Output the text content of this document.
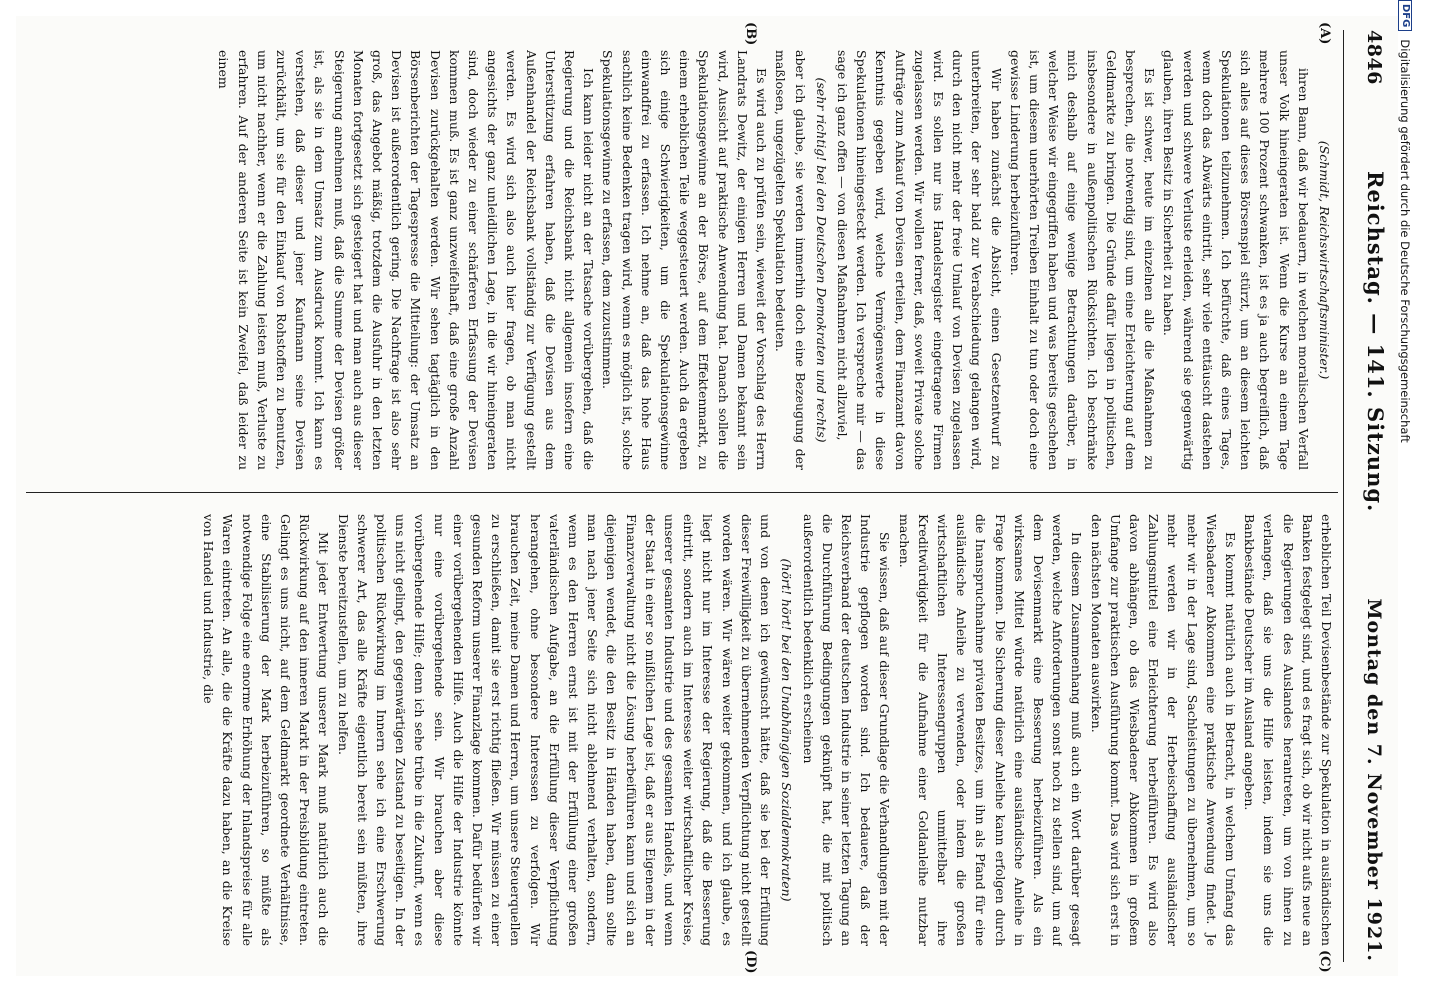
4846
Reichstag. — 141. Sitzung.
Montag den 7. November 1921.
(A)
(B)
(C)
(D)

(Schmidt, Reichswirtschaftsminister.)

ihren Bann, daß wir bedauern, in welchen moralischen Verfall unser Volk hineingeraten ist. Wenn die Kurse an einem Tage mehrere 100 Prozent schwanken, ist es ja auch begreiflich, daß sich alles auf dieses Börsenspiel stürzt, um an diesem leichten Spekulationen teilzunehmen. Ich befürchte, daß eines Tages, wenn doch das Abwärts eintritt, sehr viele enttäuscht dastehen werden und schwere Verluste erleiden, während sie gegenwärtig glauben, ihren Besitz in Sicherheit zu haben.

Es ist schwer, heute im einzelnen alle die Maßnahmen zu besprechen, die notwendig sind, um eine Erleichterung auf dem Geldmarkte zu bringen. Die Gründe dafür liegen in politischen, insbesondere in außenpolitischen Rücksichten. Ich beschränke mich deshalb auf einige wenige Betrachtungen darüber, in welcher Weise wir eingegriffen haben und was bereits geschehen ist, um diesem unerhörten Treiben Einhalt zu tun oder doch eine gewisse Linderung herbeizuführen.

Wir haben zunächst die Absicht, einen Gesetzentwurf zu unterbreiten, der sehr bald zur Verabschiedung gelangen wird, durch den nicht mehr der freie Umlauf von Devisen zugelassen wird. Es sollen nur ins Handelsregister eingetragene Firmen zugelassen werden. Wir wollen ferner, daß, soweit Private solche Aufträge zum Ankauf von Devisen erteilen, dem Finanzamt davon Kenntnis gegeben wird, welche Vermögenswerte in diese Spekulationen hineingesteckt werden. Ich verspreche mir — das sage ich ganz offen — von diesen Maßnahmen nicht allzuviel,

(sehr richtig! bei den Deutschen Demokraten und rechts)

aber ich glaube, sie werden immerhin doch eine Bezeugung der maßlosen, ungezügelten Spekulation bedeuten.

Es wird auch zu prüfen sein, wieweit der Vorschlag des Herrn Landrats Dewitz, der einigen Herren und Damen bekannt sein wird, Aussicht auf praktische Anwendung hat. Danach sollen die Spekulationsgewinne an der Börse, auf dem Effektenmarkt, zu einem erheblichen Teile weggesteuert werden. Auch da ergeben sich einige Schwierigkeiten, um die Spekulationsgewinne einwandfrei zu erfassen. Ich nehme an, daß das hohe Haus sachlich keine Bedenken tragen wird, wenn es möglich ist, solche Spekulationsgewinne zu erfassen, dem zuzustimmen.

Ich kann leider nicht an der Tatsache vorübergehen, daß die Regierung und die Reichsbank nicht allgemein insofern eine Unterstützung erfahren haben, daß die Devisen aus dem Außenhandel der Reichsbank vollständig zur Verfügung gestellt werden. Es wird sich also auch hier fragen, ob man nicht angesichts der ganz unleidlichen Lage, in die wir hineingeraten sind, doch wieder zu einer schärferen Erfassung der Devisen kommen muß. Es ist ganz unzweifelhaft, daß eine große Anzahl Devisen zurückgehalten werden. Wir sehen tagtäglich in den Börsenberichten der Tagespresse die Mitteilung: der Umsatz an Devisen ist außerordentlich gering. Die Nachfrage ist also sehr groß, das Angebot mäßig, trotzdem die Ausfuhr in den letzten Monaten fortgesetzt sich gesteigert hat und man auch aus dieser Steigerung annehmen muß, daß die Summe der Devisen größer ist, als sie in dem Umsatz zum Ausdruck kommt. Ich kann es verstehen, daß dieser und jener Kaufmann seine Devisen zurückhält, um sie für den Einkauf von Rohstoffen zu benutzen, um nicht nachher, wenn er die Zahlung leisten muß, Verluste zu erfahren. Auf der anderen Seite ist kein Zweifel, daß leider zu einem

erheblichen Teil Devisenbestände zur Spekulation in ausländischen Banken festgelegt sind, und es fragt sich, ob wir nicht aufs neue an die Regierungen des Auslandes herantreten, um von ihnen zu verlangen, daß sie uns die Hilfe leisten, indem sie uns die Bankbestände Deutscher im Ausland angeben.

Es kommt natürlich auch in Betracht, in welchem Umfang das Wiesbadener Abkommen eine praktische Anwendung findet. Je mehr wir in der Lage sind, Sachleistungen zu übernehmen, um so mehr werden wir in der Herbeischaffung ausländischer Zahlungsmittel eine Erleichterung herbeiführen. Es wird also davon abhängen, ob das Wiesbadener Abkommen in großem Umfange zur praktischen Ausführung kommt. Das wird sich erst in den nächsten Monaten auswirken.

In diesem Zusammenhang muß auch ein Wort darüber gesagt werden, welche Anforderungen sonst noch zu stellen sind, um auf dem Devisenmarkt eine Besserung herbeizuführen. Als ein wirksames Mittel würde natürlich eine ausländische Anleihe in Frage kommen. Die Sicherung dieser Anleihe kann erfolgen durch die Inanspruchnahme privaten Besitzes, um ihn als Pfand für eine ausländische Anleihe zu verwenden, oder indem die großen wirtschaftlichen Interessengruppen unmittelbar ihre Kreditwürdigkeit für die Aufnahme einer Goldanleihe nutzbar machen.

Sie wissen, daß auf dieser Grundlage die Verhandlungen mit der Industrie gepflogen worden sind. Ich bedauere, daß der Reichsverband der deutschen Industrie in seiner letzten Tagung an die Durchführung Bedingungen geknüpft hat, die mit politisch außerordentlich bedenklich erscheinen

(hört! hört! bei den Unabhängigen Sozialdemokraten)

und von denen ich gewünscht hätte, daß sie bei der Erfüllung dieser Freiwilligkeit zu übernehmenden Verpflichtung nicht gestellt worden wären. Wir wären weiter gekommen, und ich glaube, es liegt nicht nur im Interesse der Regierung, daß die Besserung eintritt, sondern auch im Interesse weiter wirtschaftlicher Kreise, unserer gesamten Industrie und des gesamten Handels, und wenn der Staat in einer so mißlichen Lage ist, daß er aus Eigenem in der Finanzverwaltung nicht die Lösung herbeiführen kann und sich an diejenigen wendet, die den Besitz in Händen haben, dann sollte man nach jener Seite sich nicht ablehnend verhalten, sondern, wenn es den Herren ernst ist mit der Erfüllung einer großen vaterländischen Aufgabe, an die Erfüllung dieser Verpflichtung herangehen, ohne besondere Interessen zu verfolgen. Wir brauchen Zeit, meine Damen und Herren, um unsere Steuerquellen zu erschließen, damit sie erst richtig fließen. Wir müssen zu einer gesunden Reform unserer Finanzlage kommen. Dafür bedürfen wir einer vorübergehenden Hilfe. Auch die Hilfe der Industrie könnte nur eine vorübergehende sein. Wir brauchen aber diese vorübergehende Hilfe; denn ich sehe trübe in die Zukunft, wenn es uns nicht gelingt, den gegenwärtigen Zustand zu beseitigen. In der politischen Rückwirkung im Innern sehe ich eine Erschwerung schwerer Art, das alle Kräfte eigentlich bereit sein müßten, ihre Dienste bereitzustellen, um zu helfen.

Mit jeder Entwertung unserer Mark muß natürlich auch die Rückwirkung auf den inneren Markt in der Preisbildung eintreten. Gelingt es uns nicht, auf dem Geldmarkt geordnete Verhältnisse, eine Stabilisierung der Mark herbeizuführen, so müßte als notwendige Folge eine enorme Erhöhung der Inlandspreise für alle Waren eintreten. An alle, die die Kräfte dazu haben, an die Kreise von Handel und Industrie, die

DFG
Digitalisierung gefördert durch die Deutsche Forschungsgemeinschaft
